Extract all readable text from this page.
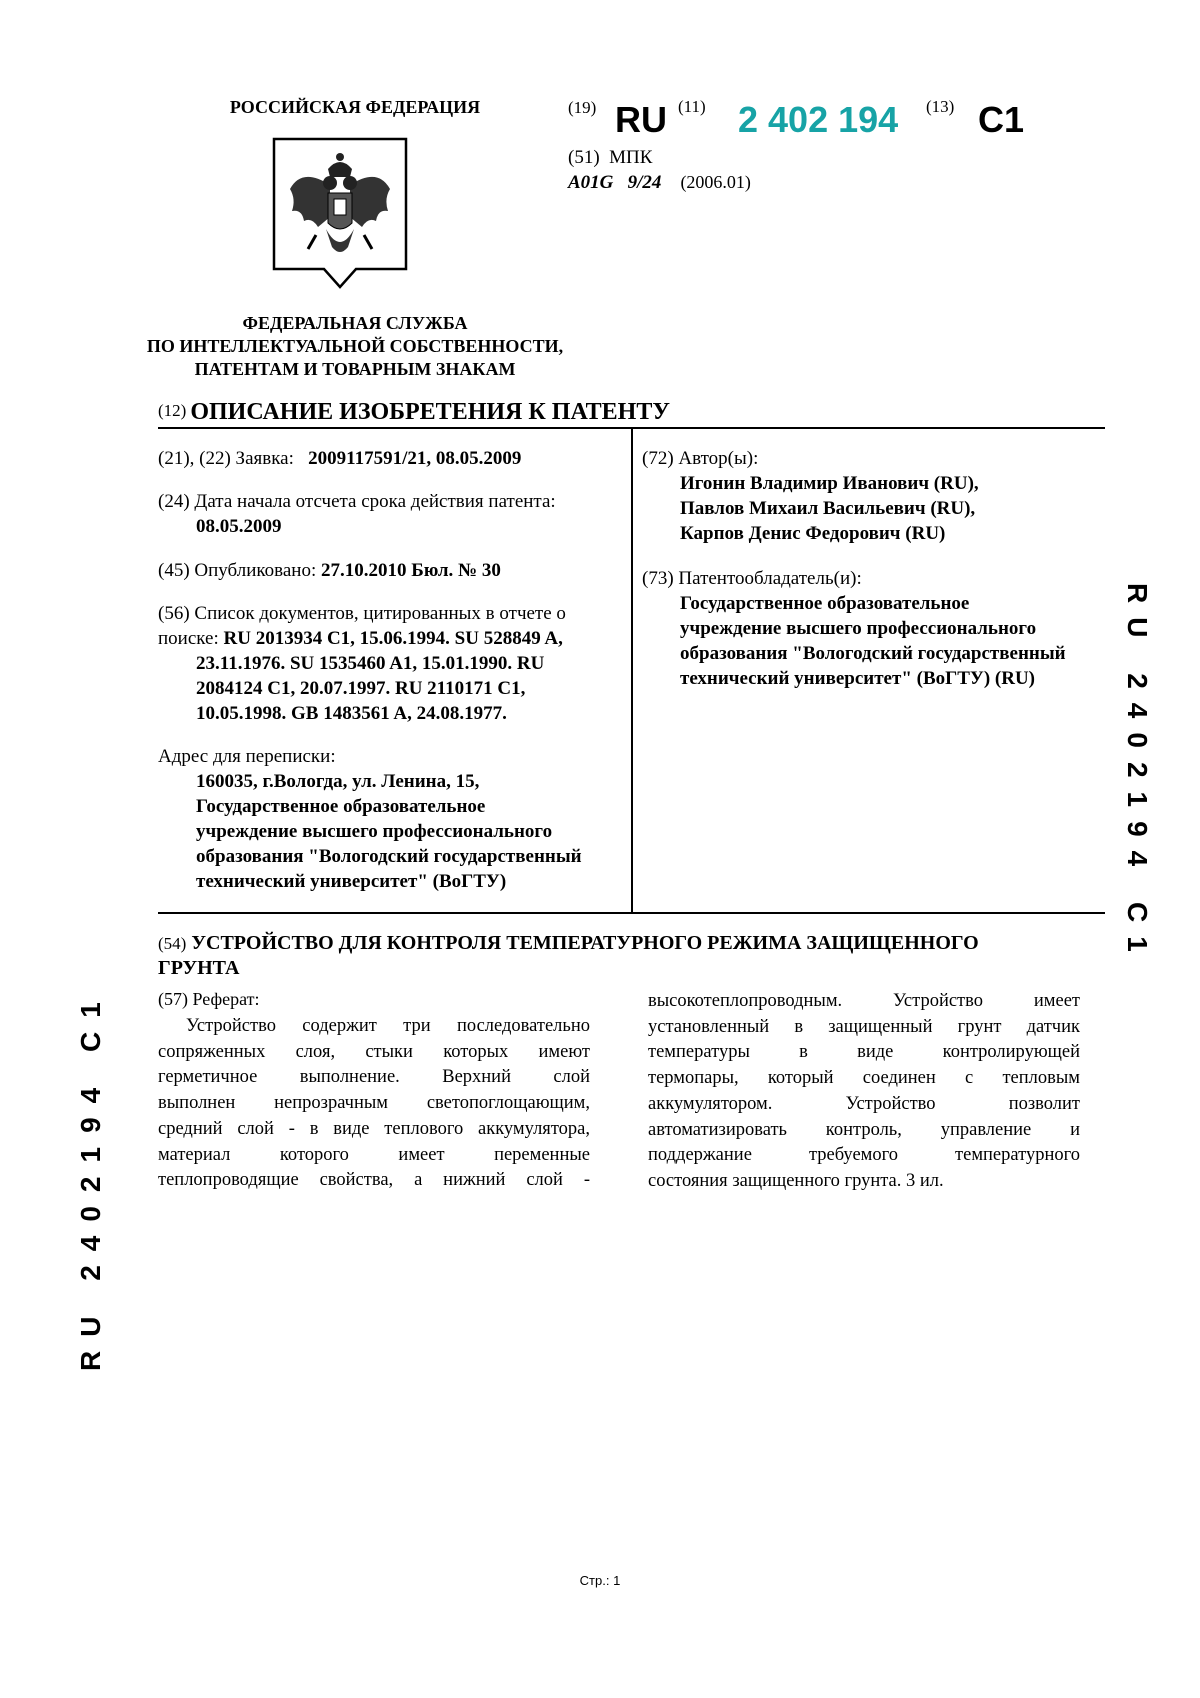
РОССИЙСКАЯ ФЕДЕРАЦИЯ
ФЕДЕРАЛЬНАЯ СЛУЖБА
ПО ИНТЕЛЛЕКТУАЛЬНОЙ СОБСТВЕННОСТИ,
ПАТЕНТАМ И ТОВАРНЫМ ЗНАКАМ
(19) RU (11) 2 402 194 (13) C1
(51) МПК
A01G 9/24 (2006.01)
(12) ОПИСАНИЕ ИЗОБРЕТЕНИЯ К ПАТЕНТУ
(21), (22) Заявка: 2009117591/21, 08.05.2009
(24) Дата начала отсчета срока действия патента:
08.05.2009
(45) Опубликовано: 27.10.2010 Бюл. № 30
(56) Список документов, цитированных в отчете о
поиске: RU 2013934 C1, 15.06.1994. SU 528849 A,
23.11.1976. SU 1535460 A1, 15.01.1990. RU
2084124 C1, 20.07.1997. RU 2110171 C1,
10.05.1998. GB 1483561 A, 24.08.1977.
Адрес для переписки:
160035, г.Вологда, ул. Ленина, 15,
Государственное образовательное
учреждение высшего профессионального
образования "Вологодский государственный
технический университет" (ВоГТУ)
(72) Автор(ы):
Игонин Владимир Иванович (RU),
Павлов Михаил Васильевич (RU),
Карпов Денис Федорович (RU)
(73) Патентообладатель(и):
Государственное образовательное
учреждение высшего профессионального
образования "Вологодский государственный
технический университет" (ВоГТУ) (RU)
(54) УСТРОЙСТВО ДЛЯ КОНТРОЛЯ ТЕМПЕРАТУРНОГО РЕЖИМА ЗАЩИЩЕННОГО
ГРУНТА
(57) Реферат:
Устройство содержит три последовательно
сопряженных слоя, стыки которых имеют
герметичное выполнение. Верхний слой
выполнен непрозрачным светопоглощающим,
средний слой - в виде теплового аккумулятора,
материал которого имеет переменные
теплопроводящие свойства, а нижний слой -
высокотеплопроводным. Устройство имеет
установленный в защищенный грунт датчик
температуры в виде контролирующей
термопары, который соединен с тепловым
аккумулятором. Устройство позволит
автоматизировать контроль, управление и
поддержание требуемого температурного
состояния защищенного грунта. 3 ил.
RU 2402194 C1
RU 2402194 C1
Стр.: 1
